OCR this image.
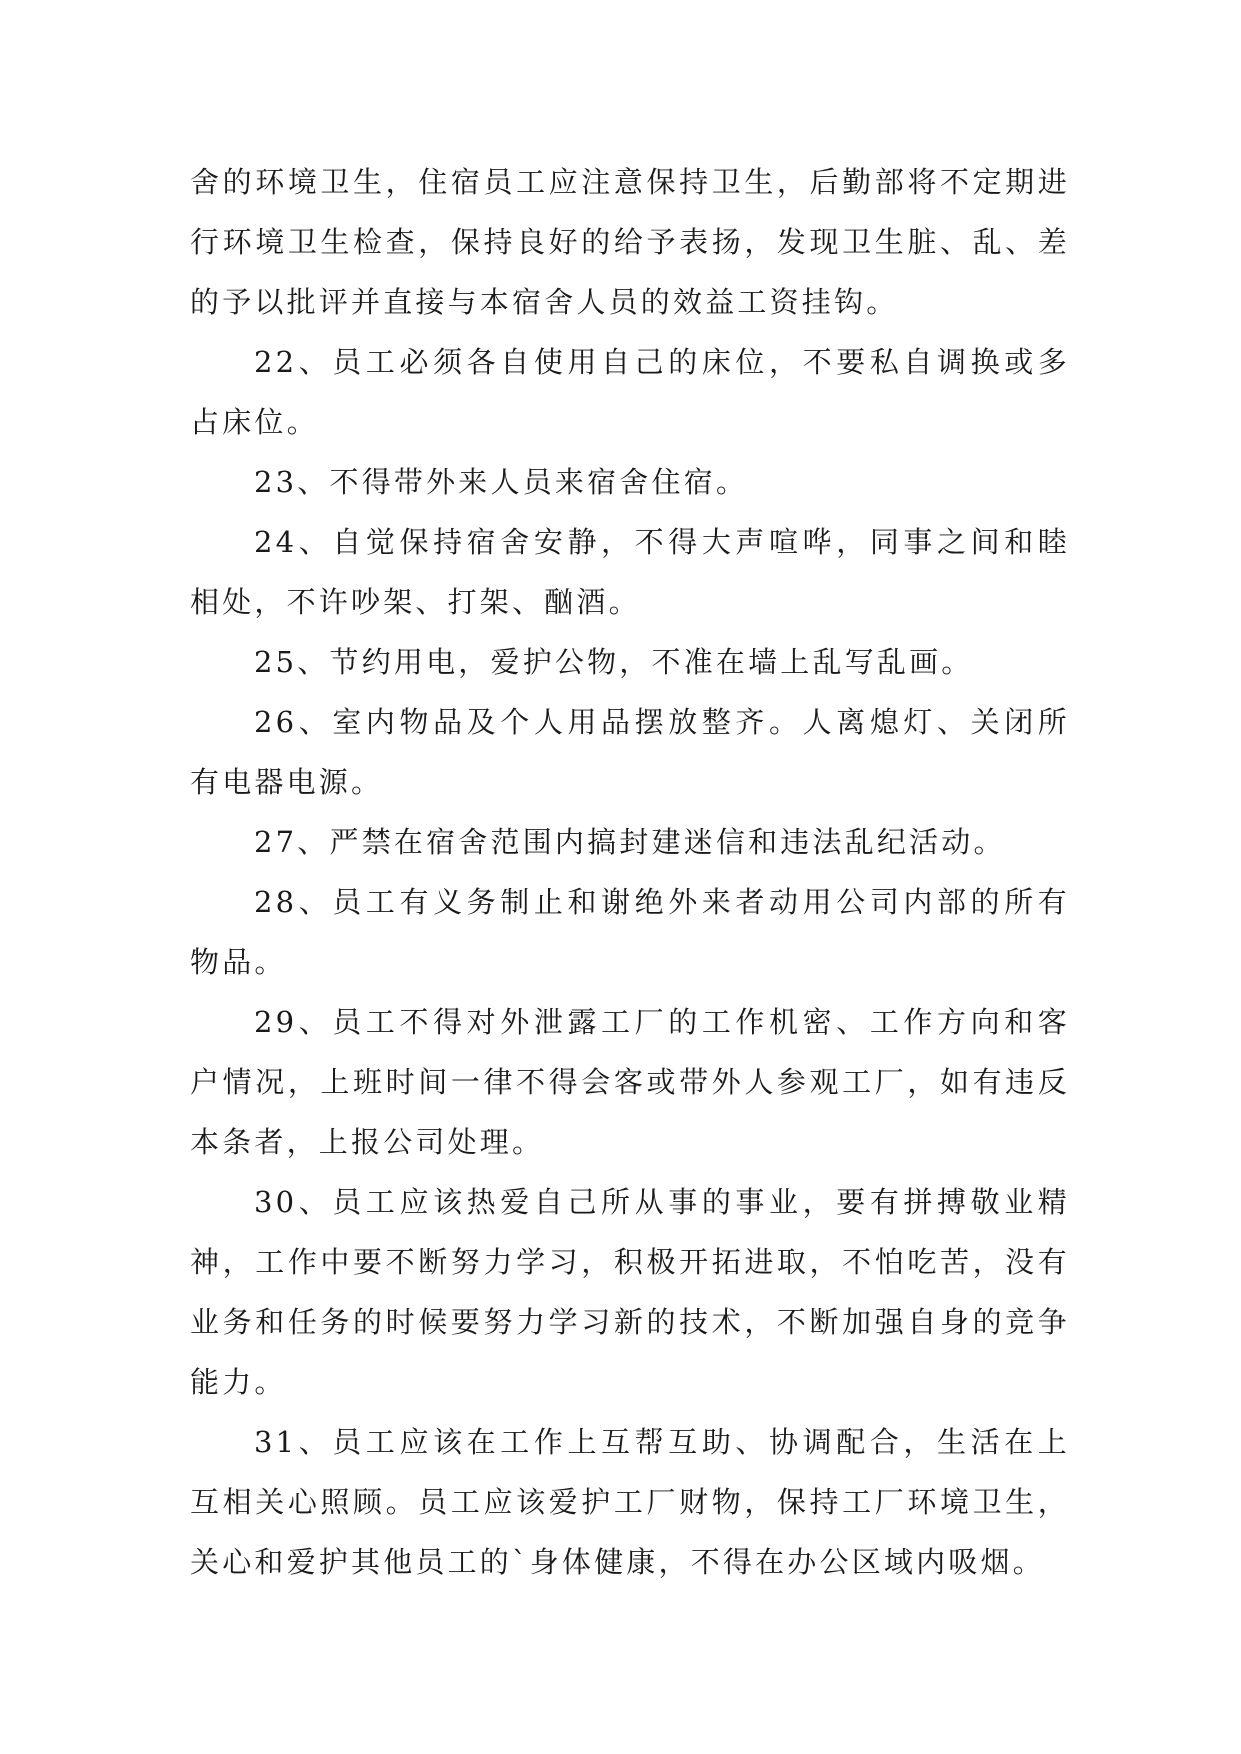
舍的环境卫生，住宿员工应注意保持卫生，后勤部将不定期进行环境卫生检查，保持良好的给予表扬，发现卫生脏、乱、差的予以批评并直接与本宿舍人员的效益工资挂钩。

22、员工必须各自使用自己的床位，不要私自调换或多占床位。

23、不得带外来人员来宿舍住宿。

24、自觉保持宿舍安静，不得大声喧哗，同事之间和睦相处，不许吵架、打架、酗酒。

25、节约用电，爱护公物，不准在墙上乱写乱画。

26、室内物品及个人用品摆放整齐。人离熄灯、关闭所有电器电源。

27、严禁在宿舍范围内搞封建迷信和违法乱纪活动。

28、员工有义务制止和谢绝外来者动用公司内部的所有物品。

29、员工不得对外泄露工厂的工作机密、工作方向和客户情况，上班时间一律不得会客或带外人参观工厂，如有违反本条者，上报公司处理。

30、员工应该热爱自己所从事的事业，要有拼搏敬业精神，工作中要不断努力学习，积极开拓进取，不怕吃苦，没有业务和任务的时候要努力学习新的技术，不断加强自身的竞争能力。

31、员工应该在工作上互帮互助、协调配合，生活在上互相关心照顾。员工应该爱护工厂财物，保持工厂环境卫生，关心和爱护其他员工的`身体健康，不得在办公区域内吸烟。
